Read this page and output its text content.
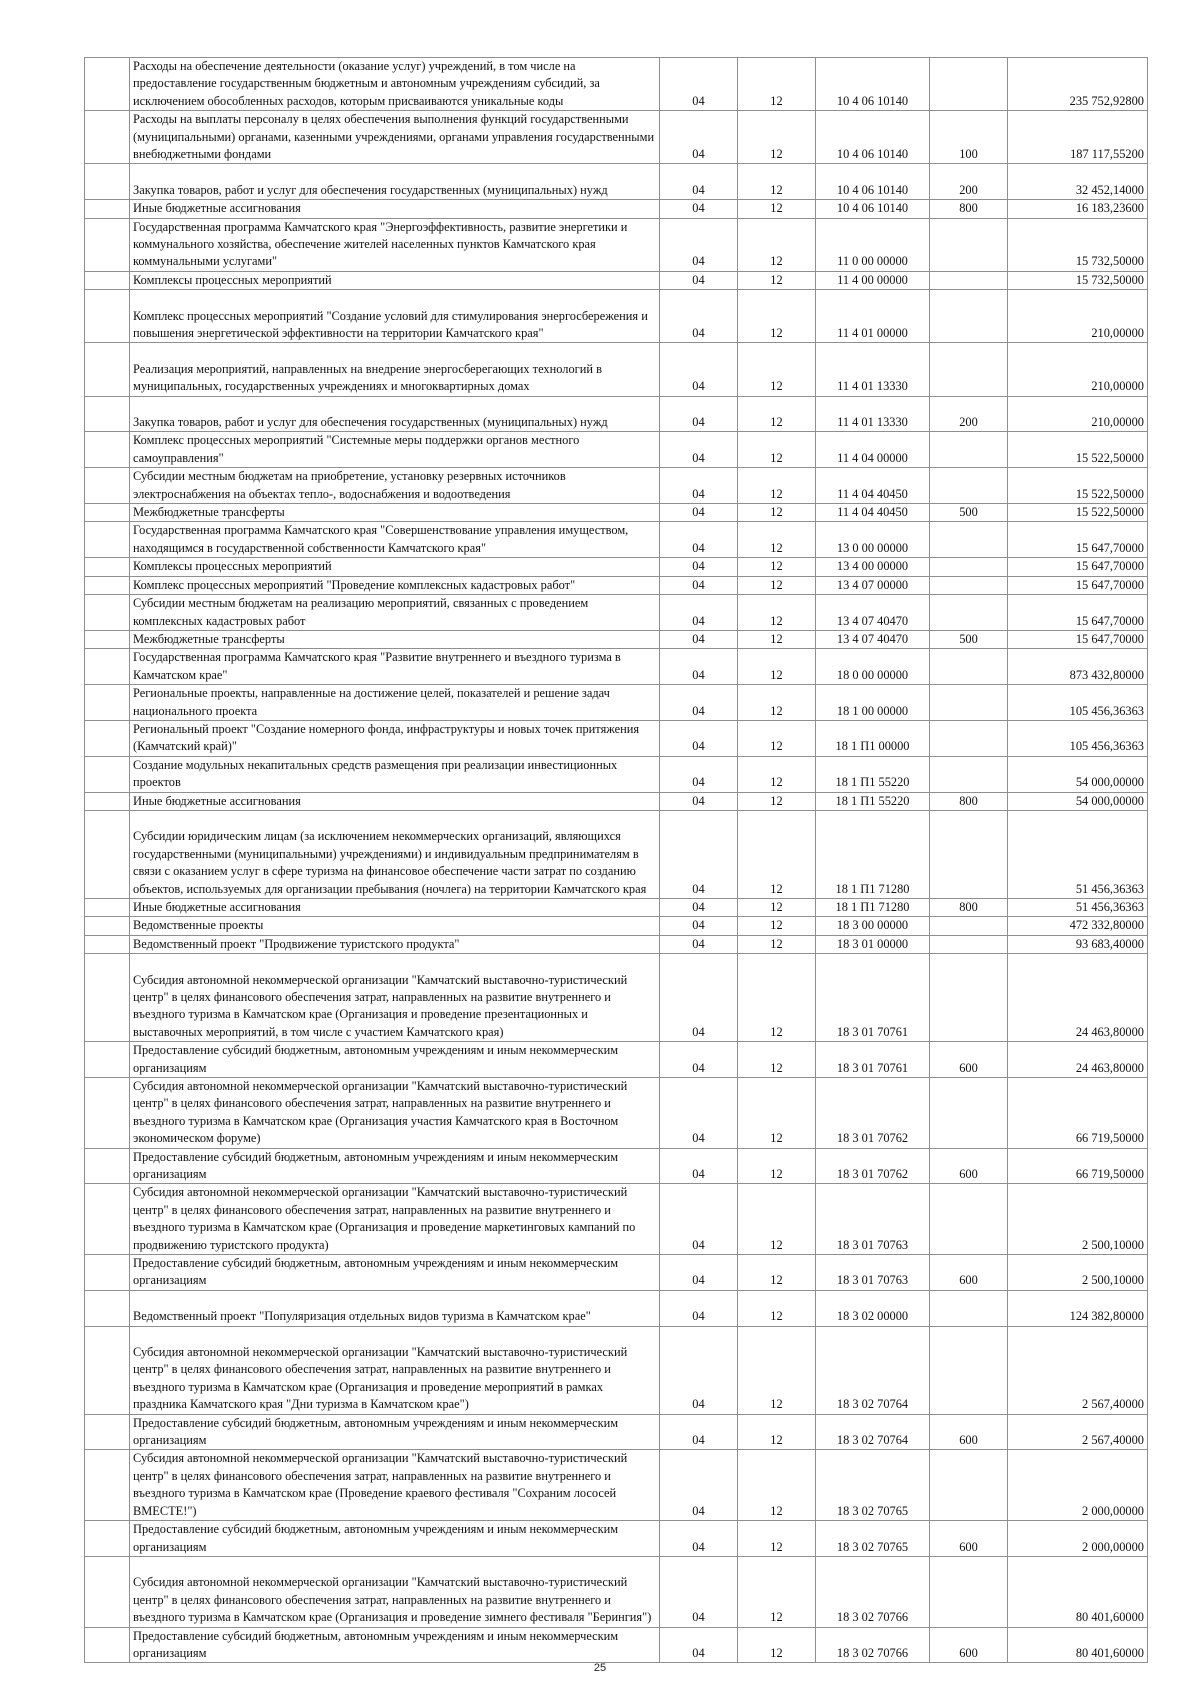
	Расходы на обеспечение деятельности (оказание услуг) учреждений, в том числе на предоставление государственным бюджетным и автономным учреждениям субсидий, за исключением обособленных расходов, которым присваиваются уникальные коды	04	12	10 4 06 10140		235 752,92800
	Расходы на выплаты персоналу в целях обеспечения выполнения функций государственными (муниципальными) органами, казенными учреждениями, органами управления государственными внебюджетными фондами	04	12	10 4 06 10140	100	187 117,55200
	Закупка товаров, работ и услуг для обеспечения государственных (муниципальных) нужд	04	12	10 4 06 10140	200	32 452,14000
	Иные бюджетные ассигнования	04	12	10 4 06 10140	800	16 183,23600
	Государственная программа Камчатского края "Энергоэффективность, развитие энергетики и коммунального хозяйства, обеспечение жителей населенных пунктов Камчатского края коммунальными услугами"	04	12	11 0 00 00000		15 732,50000
	Комплексы процессных мероприятий	04	12	11 4 00 00000		15 732,50000
	Комплекс процессных мероприятий "Создание условий для стимулирования энергосбережения и повышения энергетической эффективности на территории Камчатского края"	04	12	11 4 01 00000		210,00000
	Реализация мероприятий, направленных на внедрение энергосберегающих технологий в муниципальных, государственных учреждениях и многоквартирных домах	04	12	11 4 01 13330		210,00000
	Закупка товаров, работ и услуг для обеспечения государственных (муниципальных) нужд	04	12	11 4 01 13330	200	210,00000
	Комплекс процессных мероприятий "Системные меры поддержки органов местного самоуправления"	04	12	11 4 04 00000		15 522,50000
	Субсидии местным бюджетам на приобретение, установку резервных источников электроснабжения на объектах тепло-, водоснабжения и водоотведения	04	12	11 4 04 40450		15 522,50000
	Межбюджетные трансферты	04	12	11 4 04 40450	500	15 522,50000
	Государственная программа Камчатского края "Совершенствование управления имуществом, находящимся в государственной собственности Камчатского края"	04	12	13 0 00 00000		15 647,70000
	Комплексы процессных мероприятий	04	12	13 4 00 00000		15 647,70000
	Комплекс процессных мероприятий "Проведение комплексных кадастровых работ"	04	12	13 4 07 00000		15 647,70000
	Субсидии местным бюджетам на реализацию мероприятий, связанных с проведением комплексных кадастровых работ	04	12	13 4 07 40470		15 647,70000
	Межбюджетные трансферты	04	12	13 4 07 40470	500	15 647,70000
	Государственная программа Камчатского края "Развитие внутреннего и въездного туризма в Камчатском крае"	04	12	18 0 00 00000		873 432,80000
	Региональные проекты, направленные на достижение целей, показателей и решение задач национального проекта	04	12	18 1 00 00000		105 456,36363
	Региональный проект "Создание номерного фонда, инфраструктуры и новых точек притяжения (Камчатский край)"	04	12	18 1 П1 00000		105 456,36363
	Создание модульных некапитальных средств размещения при реализации инвестиционных проектов	04	12	18 1 П1 55220		54 000,00000
	Иные бюджетные ассигнования	04	12	18 1 П1 55220	800	54 000,00000
	Субсидии юридическим лицам (за исключением некоммерческих организаций, являющихся государственными (муниципальными) учреждениями) и индивидуальным предпринимателям в связи с оказанием услуг в сфере туризма на финансовое обеспечение части затрат по созданию объектов, используемых для организации пребывания (ночлега) на территории Камчатского края	04	12	18 1 П1 71280		51 456,36363
	Иные бюджетные ассигнования	04	12	18 1 П1 71280	800	51 456,36363
	Ведомственные проекты	04	12	18 3 00 00000		472 332,80000
	Ведомственный проект "Продвижение туристского продукта"	04	12	18 3 01 00000		93 683,40000
	Субсидия автономной некоммерческой организации "Камчатский выставочно-туристический центр" в целях финансового обеспечения затрат, направленных на развитие внутреннего и въездного туризма в Камчатском крае (Организация и проведение презентационных и выставочных мероприятий, в том числе с участием Камчатского края)	04	12	18 3 01 70761		24 463,80000
	Предоставление субсидий бюджетным, автономным учреждениям и иным некоммерческим организациям	04	12	18 3 01 70761	600	24 463,80000
	Субсидия автономной некоммерческой организации "Камчатский выставочно-туристический центр" в целях финансового обеспечения затрат, направленных на развитие внутреннего и въездного туризма в Камчатском крае (Организация участия Камчатского края в Восточном экономическом форуме)	04	12	18 3 01 70762		66 719,50000
	Предоставление субсидий бюджетным, автономным учреждениям и иным некоммерческим организациям	04	12	18 3 01 70762	600	66 719,50000
	Субсидия автономной некоммерческой организации "Камчатский выставочно-туристический центр" в целях финансового обеспечения затрат, направленных на развитие внутреннего и въездного туризма в Камчатском крае (Организация и проведение маркетинговых кампаний по продвижению туристского продукта)	04	12	18 3 01 70763		2 500,10000
	Предоставление субсидий бюджетным, автономным учреждениям и иным некоммерческим организациям	04	12	18 3 01 70763	600	2 500,10000
	Ведомственный проект "Популяризация отдельных видов туризма в Камчатском крае"	04	12	18 3 02 00000		124 382,80000
	Субсидия автономной некоммерческой организации "Камчатский выставочно-туристический центр" в целях финансового обеспечения затрат, направленных на развитие внутреннего и въездного туризма в Камчатском крае (Организация и проведение мероприятий в рамках праздника Камчатского края "Дни туризма в Камчатском крае")	04	12	18 3 02 70764		2 567,40000
	Предоставление субсидий бюджетным, автономным учреждениям и иным некоммерческим организациям	04	12	18 3 02 70764	600	2 567,40000
	Субсидия автономной некоммерческой организации "Камчатский выставочно-туристический центр" в целях финансового обеспечения затрат, направленных на развитие внутреннего и въездного туризма в Камчатском крае (Проведение краевого фестиваля "Сохраним лососей ВМЕСТЕ!")	04	12	18 3 02 70765		2 000,00000
	Предоставление субсидий бюджетным, автономным учреждениям и иным некоммерческим организациям	04	12	18 3 02 70765	600	2 000,00000
	Субсидия автономной некоммерческой организации "Камчатский выставочно-туристический центр" в целях финансового обеспечения затрат, направленных на развитие внутреннего и въездного туризма в Камчатском крае (Организация и проведение зимнего фестиваля "Берингия")	04	12	18 3 02 70766		80 401,60000
	Предоставление субсидий бюджетным, автономным учреждениям и иным некоммерческим организациям	04	12	18 3 02 70766	600	80 401,60000
25
